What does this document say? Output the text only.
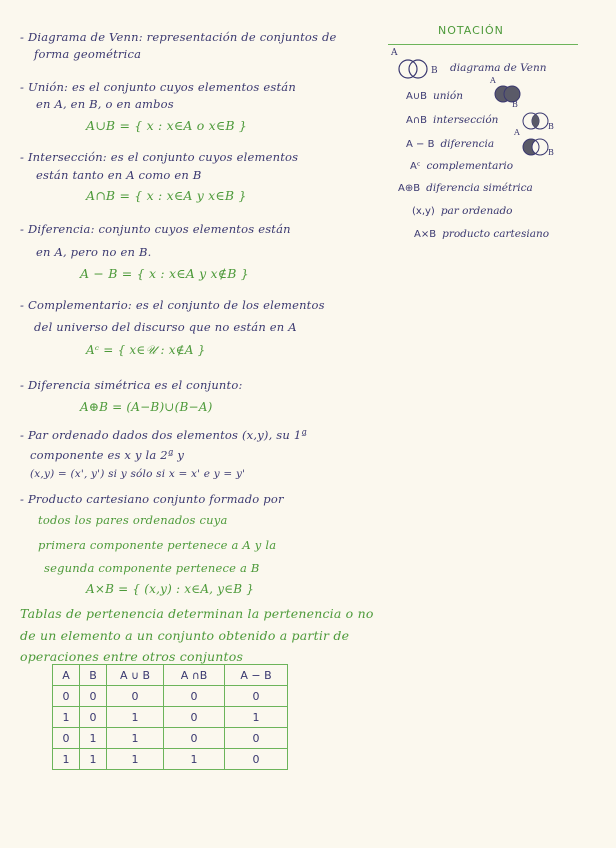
- Diagrama de Venn: representación de conjuntos de
forma geométrica
- Unión: es el conjunto cuyos elementos están
en A, en B, o en ambos
A∪B = { x : x∈A o x∈B }
- Intersección: es el conjunto cuyos elementos
están tanto en A como en B
A∩B = { x : x∈A y x∈B }
- Diferencia: conjunto cuyos elementos están
en A, pero no en B.
A − B = { x : x∈A y x∉B }
- Complementario: es el conjunto de los elementos
del universo del discurso que no están en A
Aᶜ = { x∈𝒰 : x∉A }
- Diferencia simétrica es el conjunto:
A⊕B = (A−B)∪(B−A)
- Par ordenado dados dos elementos (x,y), su 1ª
componente es x y la 2ª y
(x,y) = (x', y') si y sólo si x = x' e y = y'
- Producto cartesiano conjunto formado por
todos los pares ordenados cuya
primera componente pertenece a A y la
segunda componente pertenece a B
A×B = { (x,y) : x∈A, y∈B }
Tablas de pertenencia determinan la pertenencia o no
de un elemento a un conjunto obtenido a partir de
operaciones entre otros conjuntos
A	B	A ∪ B	A ∩B	A − B
0	0	0	0	0
1	0	1	0	1
0	1	1	0	0
1	1	1	1	0
NOTACIÓN
A
B diagrama de Venn
A∪B unión
A
B
A∩B intersección
B
A − B diferencia
A
B
Aᶜ complementario
A⊕B diferencia simétrica
(x,y) par ordenado
A×B producto cartesiano
